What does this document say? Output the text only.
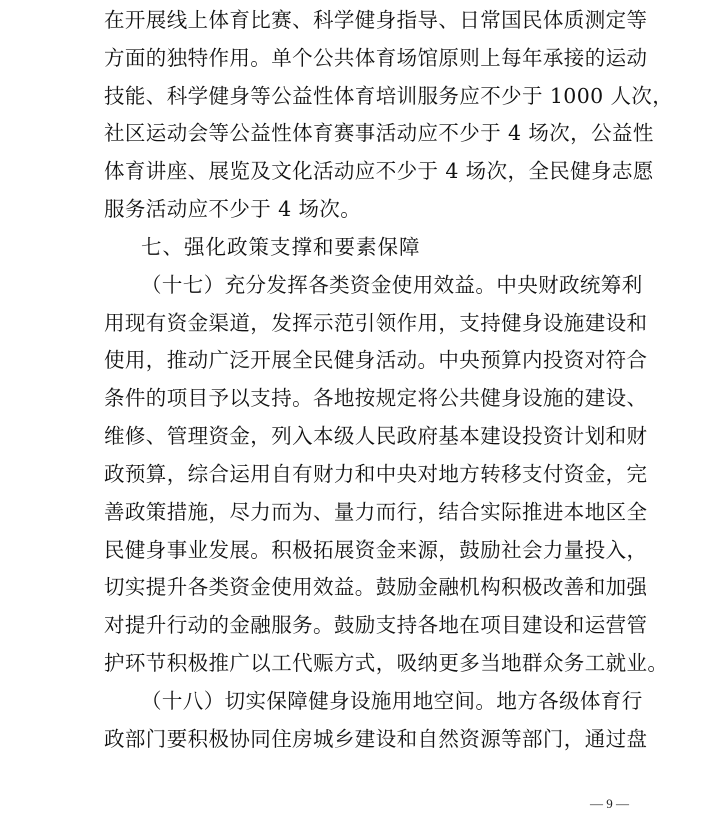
在开展线上体育比赛、科学健身指导、日常国民体质测定等
方面的独特作用。单个公共体育场馆原则上每年承接的运动
技能、科学健身等公益性体育培训服务应不少于 1000 人次，
社区运动会等公益性体育赛事活动应不少于 4 场次，公益性
体育讲座、展览及文化活动应不少于 4 场次，全民健身志愿
服务活动应不少于 4 场次。
七、强化政策支撑和要素保障
（十七）充分发挥各类资金使用效益。中央财政统筹利
用现有资金渠道，发挥示范引领作用，支持健身设施建设和
使用，推动广泛开展全民健身活动。中央预算内投资对符合
条件的项目予以支持。各地按规定将公共健身设施的建设、
维修、管理资金，列入本级人民政府基本建设投资计划和财
政预算，综合运用自有财力和中央对地方转移支付资金，完
善政策措施，尽力而为、量力而行，结合实际推进本地区全
民健身事业发展。积极拓展资金来源，鼓励社会力量投入，
切实提升各类资金使用效益。鼓励金融机构积极改善和加强
对提升行动的金融服务。鼓励支持各地在项目建设和运营管
护环节积极推广以工代赈方式，吸纳更多当地群众务工就业。
（十八）切实保障健身设施用地空间。地方各级体育行
政部门要积极协同住房城乡建设和自然资源等部门，通过盘
— 9 —
